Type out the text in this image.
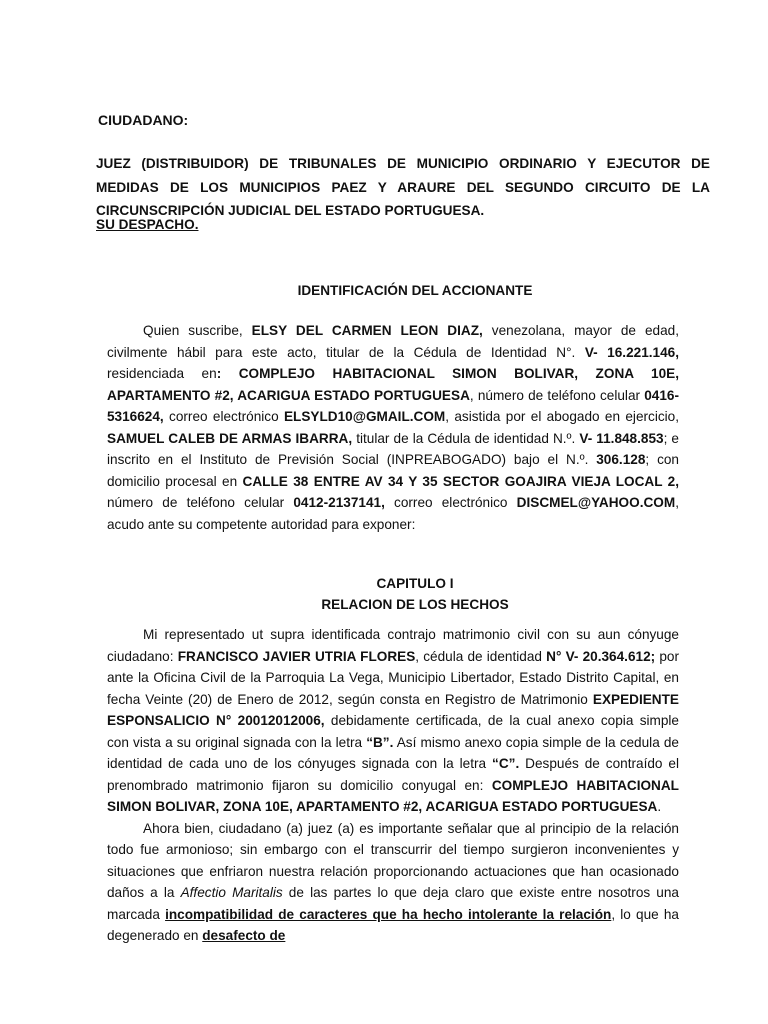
CIUDADANO:
JUEZ (DISTRIBUIDOR) DE TRIBUNALES DE MUNICIPIO ORDINARIO Y EJECUTOR DE MEDIDAS DE LOS MUNICIPIOS PAEZ Y ARAURE DEL SEGUNDO CIRCUITO DE LA CIRCUNSCRIPCIÓN JUDICIAL DEL ESTADO PORTUGUESA.
SU DESPACHO.
IDENTIFICACIÓN DEL ACCIONANTE

Quien suscribe, ELSY DEL CARMEN LEON DIAZ, venezolana, mayor de edad, civilmente hábil para este acto, titular de la Cédula de Identidad N°. V- 16.221.146, residenciada en: COMPLEJO HABITACIONAL SIMON BOLIVAR, ZONA 10E, APARTAMENTO #2, ACARIGUA ESTADO PORTUGUESA, número de teléfono celular 0416-5316624, correo electrónico ELSYLD10@GMAIL.COM, asistida por el abogado en ejercicio, SAMUEL CALEB DE ARMAS IBARRA, titular de la Cédula de identidad N.º. V- 11.848.853; e inscrito en el Instituto de Previsión Social (INPREABOGADO) bajo el N.º. 306.128; con domicilio procesal en CALLE 38 ENTRE AV 34 Y 35 SECTOR GOAJIRA VIEJA LOCAL 2, número de teléfono celular 0412-2137141, correo electrónico DISCMEL@YAHOO.COM, acudo ante su competente autoridad para exponer:

CAPITULO I
RELACION DE LOS HECHOS

Mi representado ut supra identificada contrajo matrimonio civil con su aun cónyuge ciudadano: FRANCISCO JAVIER UTRIA FLORES, cédula de identidad N° V- 20.364.612; por ante la Oficina Civil de la Parroquia La Vega, Municipio Libertador, Estado Distrito Capital, en fecha Veinte (20) de Enero de 2012, según consta en Registro de Matrimonio EXPEDIENTE ESPONSALICIO N° 20012012006, debidamente certificada, de la cual anexo copia simple con vista a su original signada con la letra “B”. Así mismo anexo copia simple de la cedula de identidad de cada uno de los cónyuges signada con la letra “C”. Después de contraído el prenombrado matrimonio fijaron su domicilio conyugal en: COMPLEJO HABITACIONAL SIMON BOLIVAR, ZONA 10E, APARTAMENTO #2, ACARIGUA ESTADO PORTUGUESA.

Ahora bien, ciudadano (a) juez (a) es importante señalar que al principio de la relación todo fue armonioso; sin embargo con el transcurrir del tiempo surgieron inconvenientes y situaciones que enfriaron nuestra relación proporcionando actuaciones que han ocasionado daños a la Affectio Maritalis de las partes lo que deja claro que existe entre nosotros una marcada incompatibilidad de caracteres que ha hecho intolerante la relación, lo que ha degenerado en desafecto de
